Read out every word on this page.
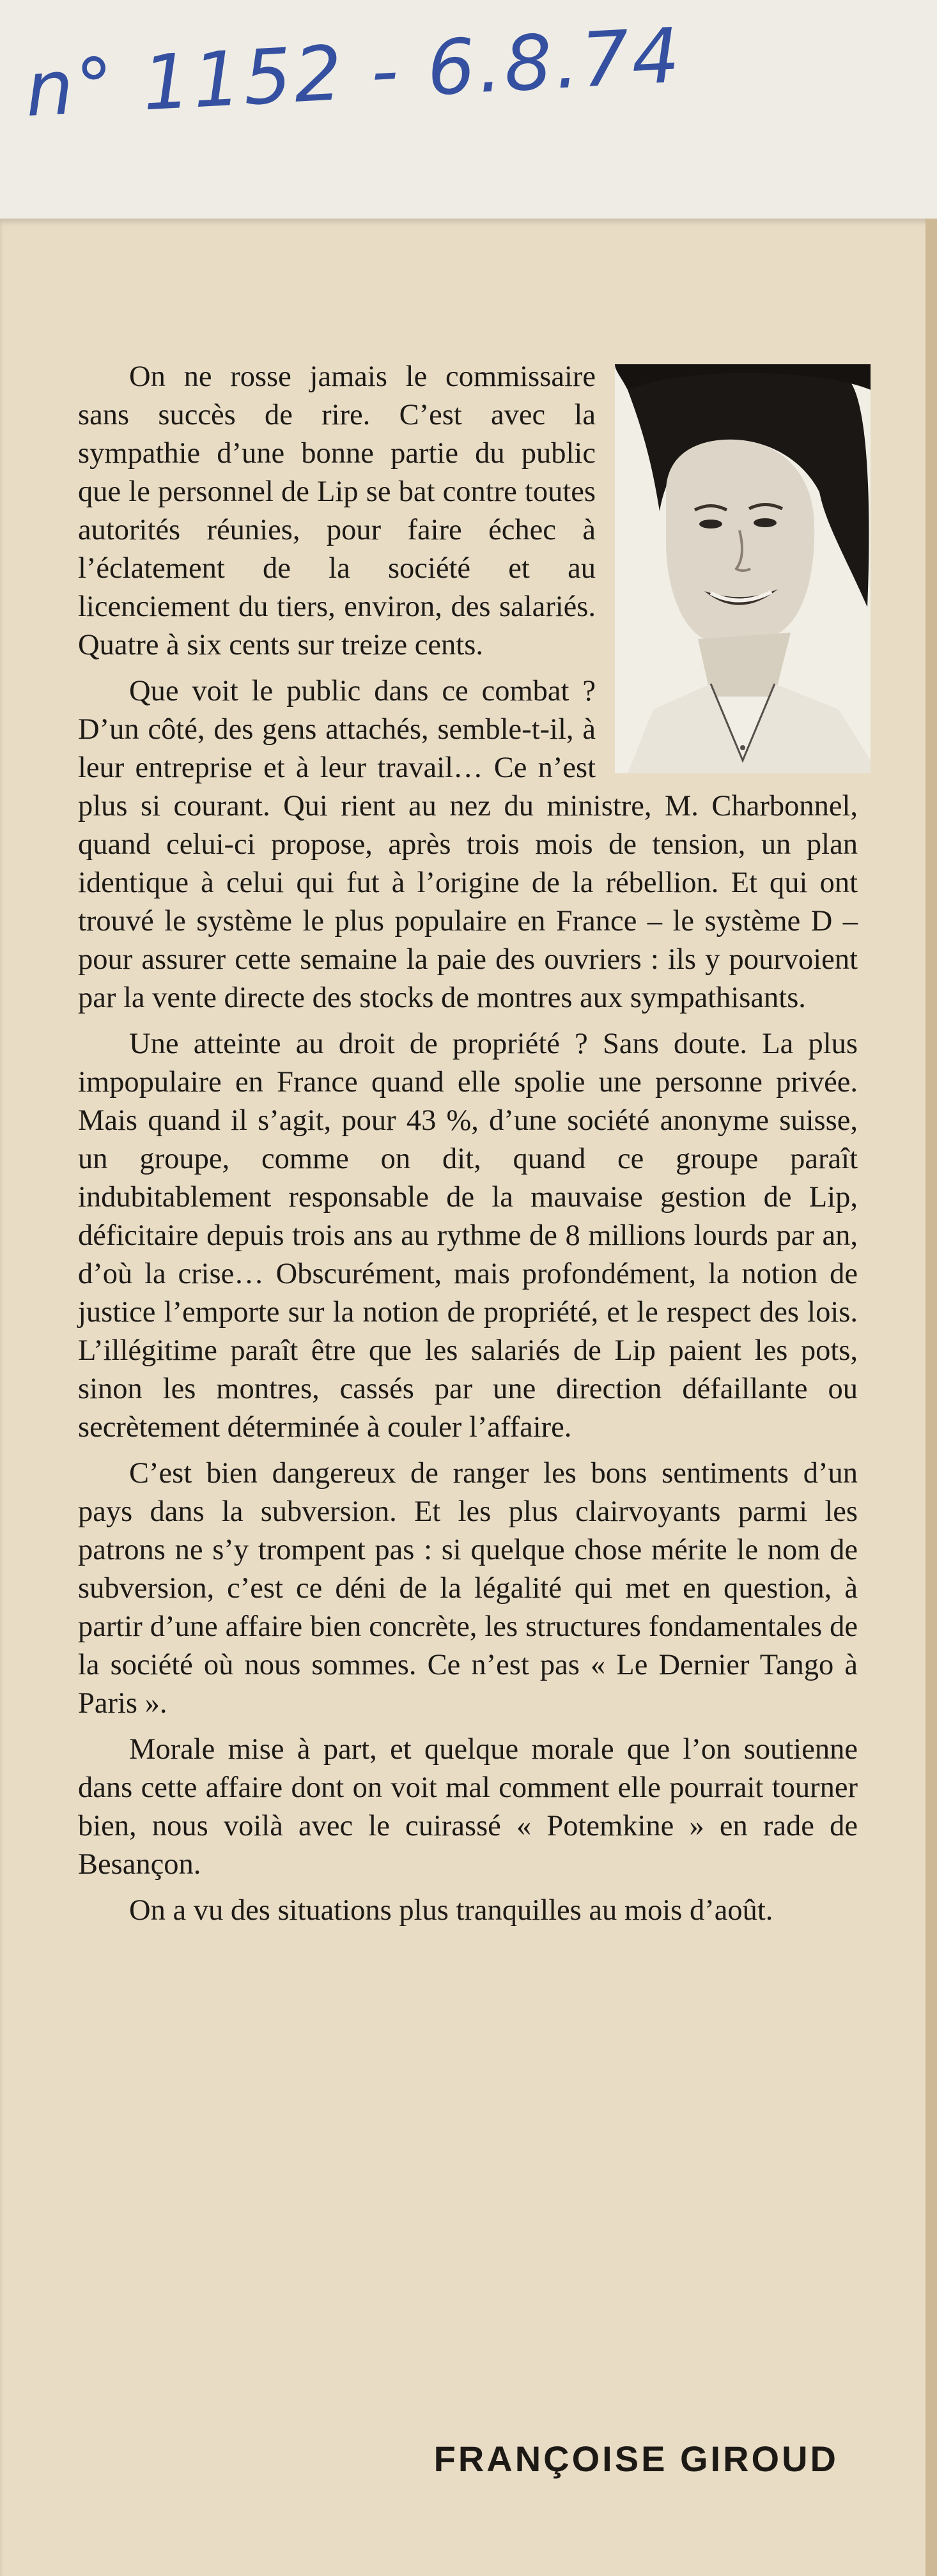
n° 1152 - 6.8.74

On ne rosse jamais le commissaire sans succès de rire. C’est avec la sympathie d’une bonne partie du public que le personnel de Lip se bat contre toutes autorités réunies, pour faire échec à l’éclatement de la société et au licenciement du tiers, environ, des salariés. Quatre à six cents sur treize cents.

Que voit le public dans ce combat ? D’un côté, des gens attachés, semble-t-il, à leur entreprise et à leur travail… Ce n’est plus si courant. Qui rient au nez du ministre, M. Charbonnel, quand celui-ci propose, après trois mois de tension, un plan identique à celui qui fut à l’origine de la rébellion. Et qui ont trouvé le système le plus populaire en France – le système D – pour assurer cette semaine la paie des ouvriers : ils y pourvoient par la vente directe des stocks de montres aux sympathisants.

Une atteinte au droit de propriété ? Sans doute. La plus impopulaire en France quand elle spolie une personne privée. Mais quand il s’agit, pour 43 %, d’une société anonyme suisse, un groupe, comme on dit, quand ce groupe paraît indubitablement responsable de la mauvaise gestion de Lip, déficitaire depuis trois ans au rythme de 8 millions lourds par an, d’où la crise… Obscurément, mais profondément, la notion de justice l’emporte sur la notion de propriété, et le respect des lois. L’illégitime paraît être que les salariés de Lip paient les pots, sinon les montres, cassés par une direction défaillante ou secrètement déterminée à couler l’affaire.

C’est bien dangereux de ranger les bons sentiments d’un pays dans la subversion. Et les plus clairvoyants parmi les patrons ne s’y trompent pas : si quelque chose mérite le nom de subversion, c’est ce déni de la légalité qui met en question, à partir d’une affaire bien concrète, les structures fondamentales de la société où nous sommes. Ce n’est pas « Le Dernier Tango à Paris ».

Morale mise à part, et quelque morale que l’on soutienne dans cette affaire dont on voit mal comment elle pourrait tourner bien, nous voilà avec le cuirassé « Potemkine » en rade de Besançon.

On a vu des situations plus tranquilles au mois d’août.

FRANÇOISE GIROUD
